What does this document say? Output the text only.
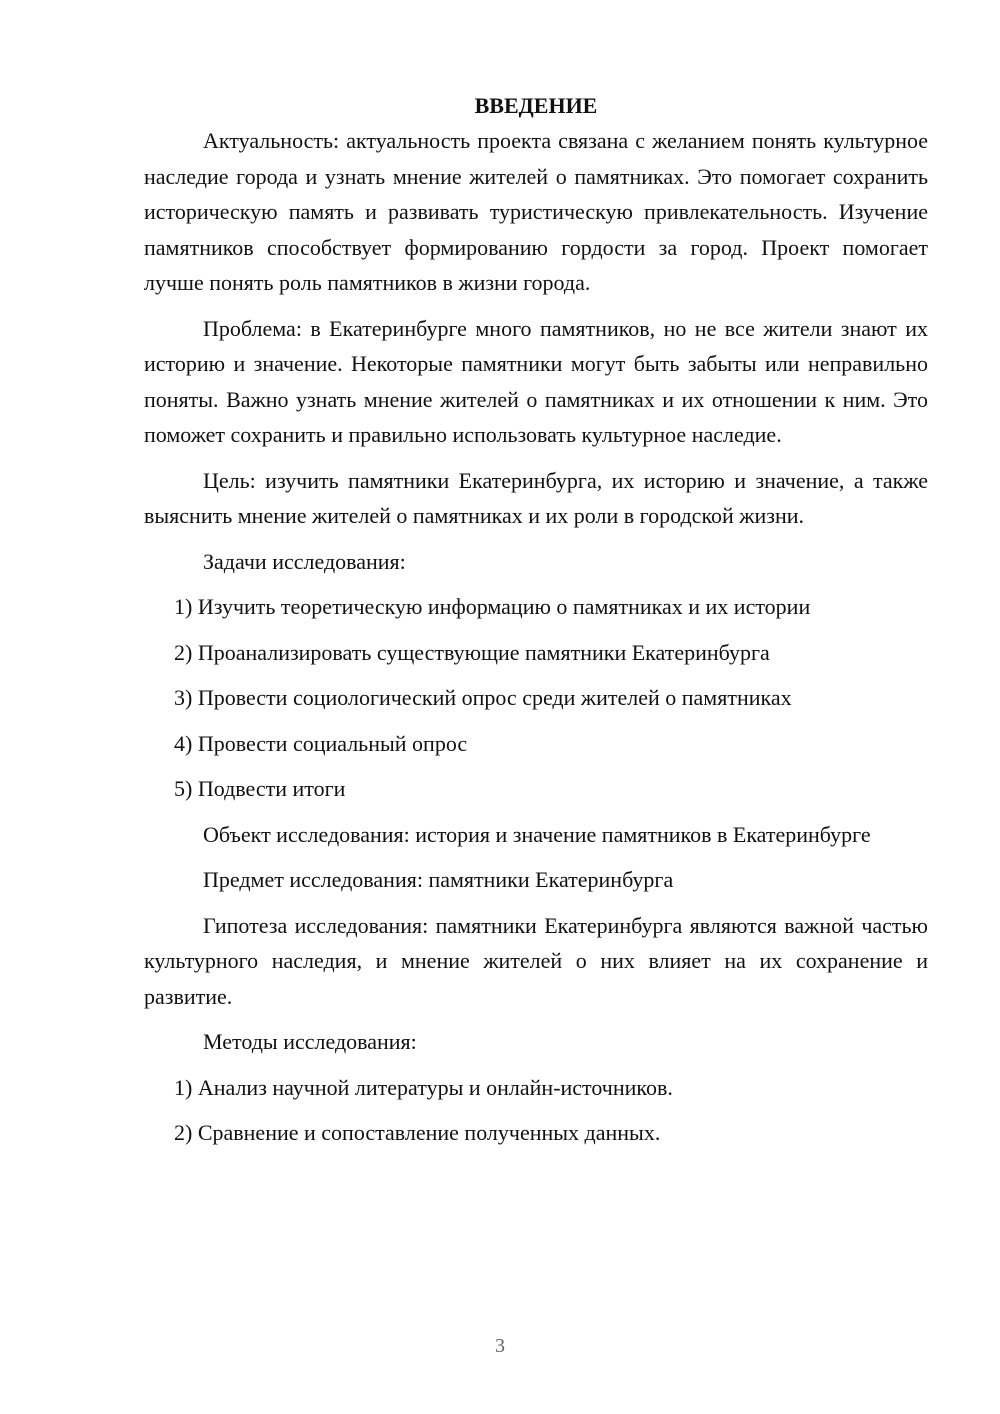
ВВЕДЕНИЕ

Актуальность: актуальность проекта связана с желанием понять культурное наследие города и узнать мнение жителей о памятниках. Это помогает сохранить историческую память и развивать туристическую привлекательность. Изучение памятников способствует формированию гордости за город. Проект помогает лучше понять роль памятников в жизни города.

Проблема: в Екатеринбурге много памятников, но не все жители знают их историю и значение. Некоторые памятники могут быть забыты или неправильно поняты. Важно узнать мнение жителей о памятниках и их отношении к ним. Это поможет сохранить и правильно использовать культурное наследие.

Цель: изучить памятники Екатеринбурга, их историю и значение, а также выяснить мнение жителей о памятниках и их роли в городской жизни.

Задачи исследования:

1) Изучить теоретическую информацию о памятниках и их истории

2) Проанализировать существующие памятники Екатеринбурга

3) Провести социологический опрос среди жителей о памятниках

4) Провести социальный опрос

5) Подвести итоги

Объект исследования: история и значение памятников в Екатеринбурге

Предмет исследования: памятники Екатеринбурга

Гипотеза исследования: памятники Екатеринбурга являются важной частью культурного наследия, и мнение жителей о них влияет на их сохранение и развитие.

Методы исследования:

1) Анализ научной литературы и онлайн-источников.

2) Сравнение и сопоставление полученных данных.

3
